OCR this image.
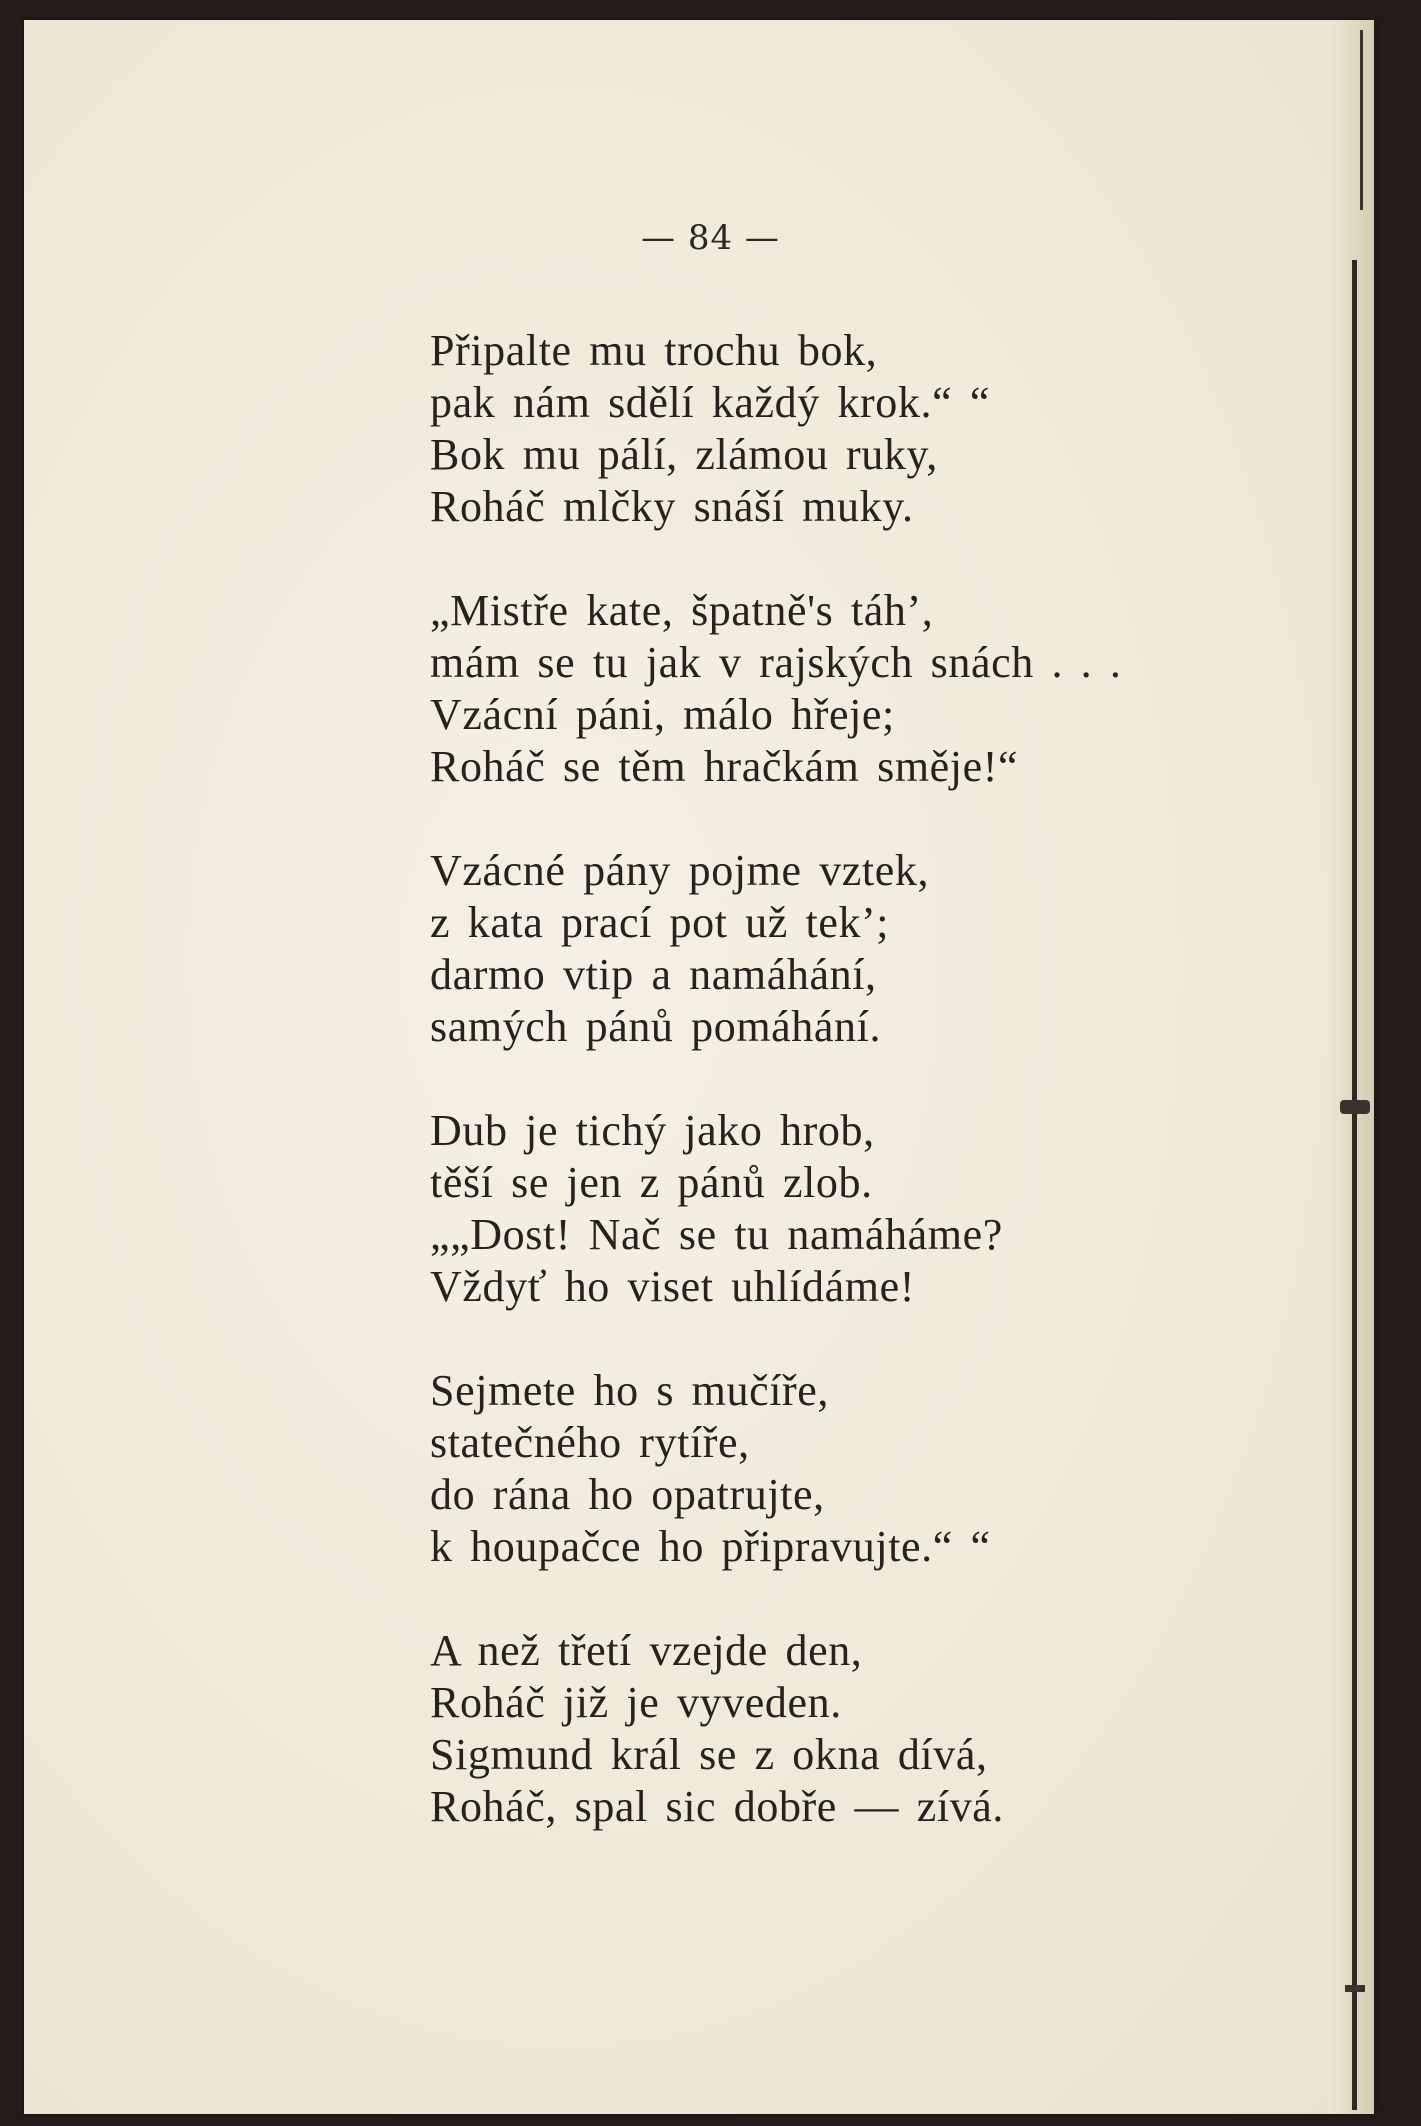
— 84 —
Připalte mu trochu bok,
pak nám sdělí každý krok.“ “
Bok mu pálí, zlámou ruky,
Roháč mlčky snáší muky.
„Mistře kate, špatně's táh’,
mám se tu jak v rajských snách . . .
Vzácní páni, málo hřeje;
Roháč se těm hračkám směje!“
Vzácné pány pojme vztek,
z kata prací pot už tek’;
darmo vtip a namáhání,
samých pánů pomáhání.
Dub je tichý jako hrob,
těší se jen z pánů zlob.
„„Dost! Nač se tu namáháme?
Vždyť ho viset uhlídáme!
Sejmete ho s mučíře,
statečného rytíře,
do rána ho opatrujte,
k houpačce ho připravujte.“ “
A než třetí vzejde den,
Roháč již je vyveden.
Sigmund král se z okna dívá,
Roháč, spal sic dobře — zívá.
